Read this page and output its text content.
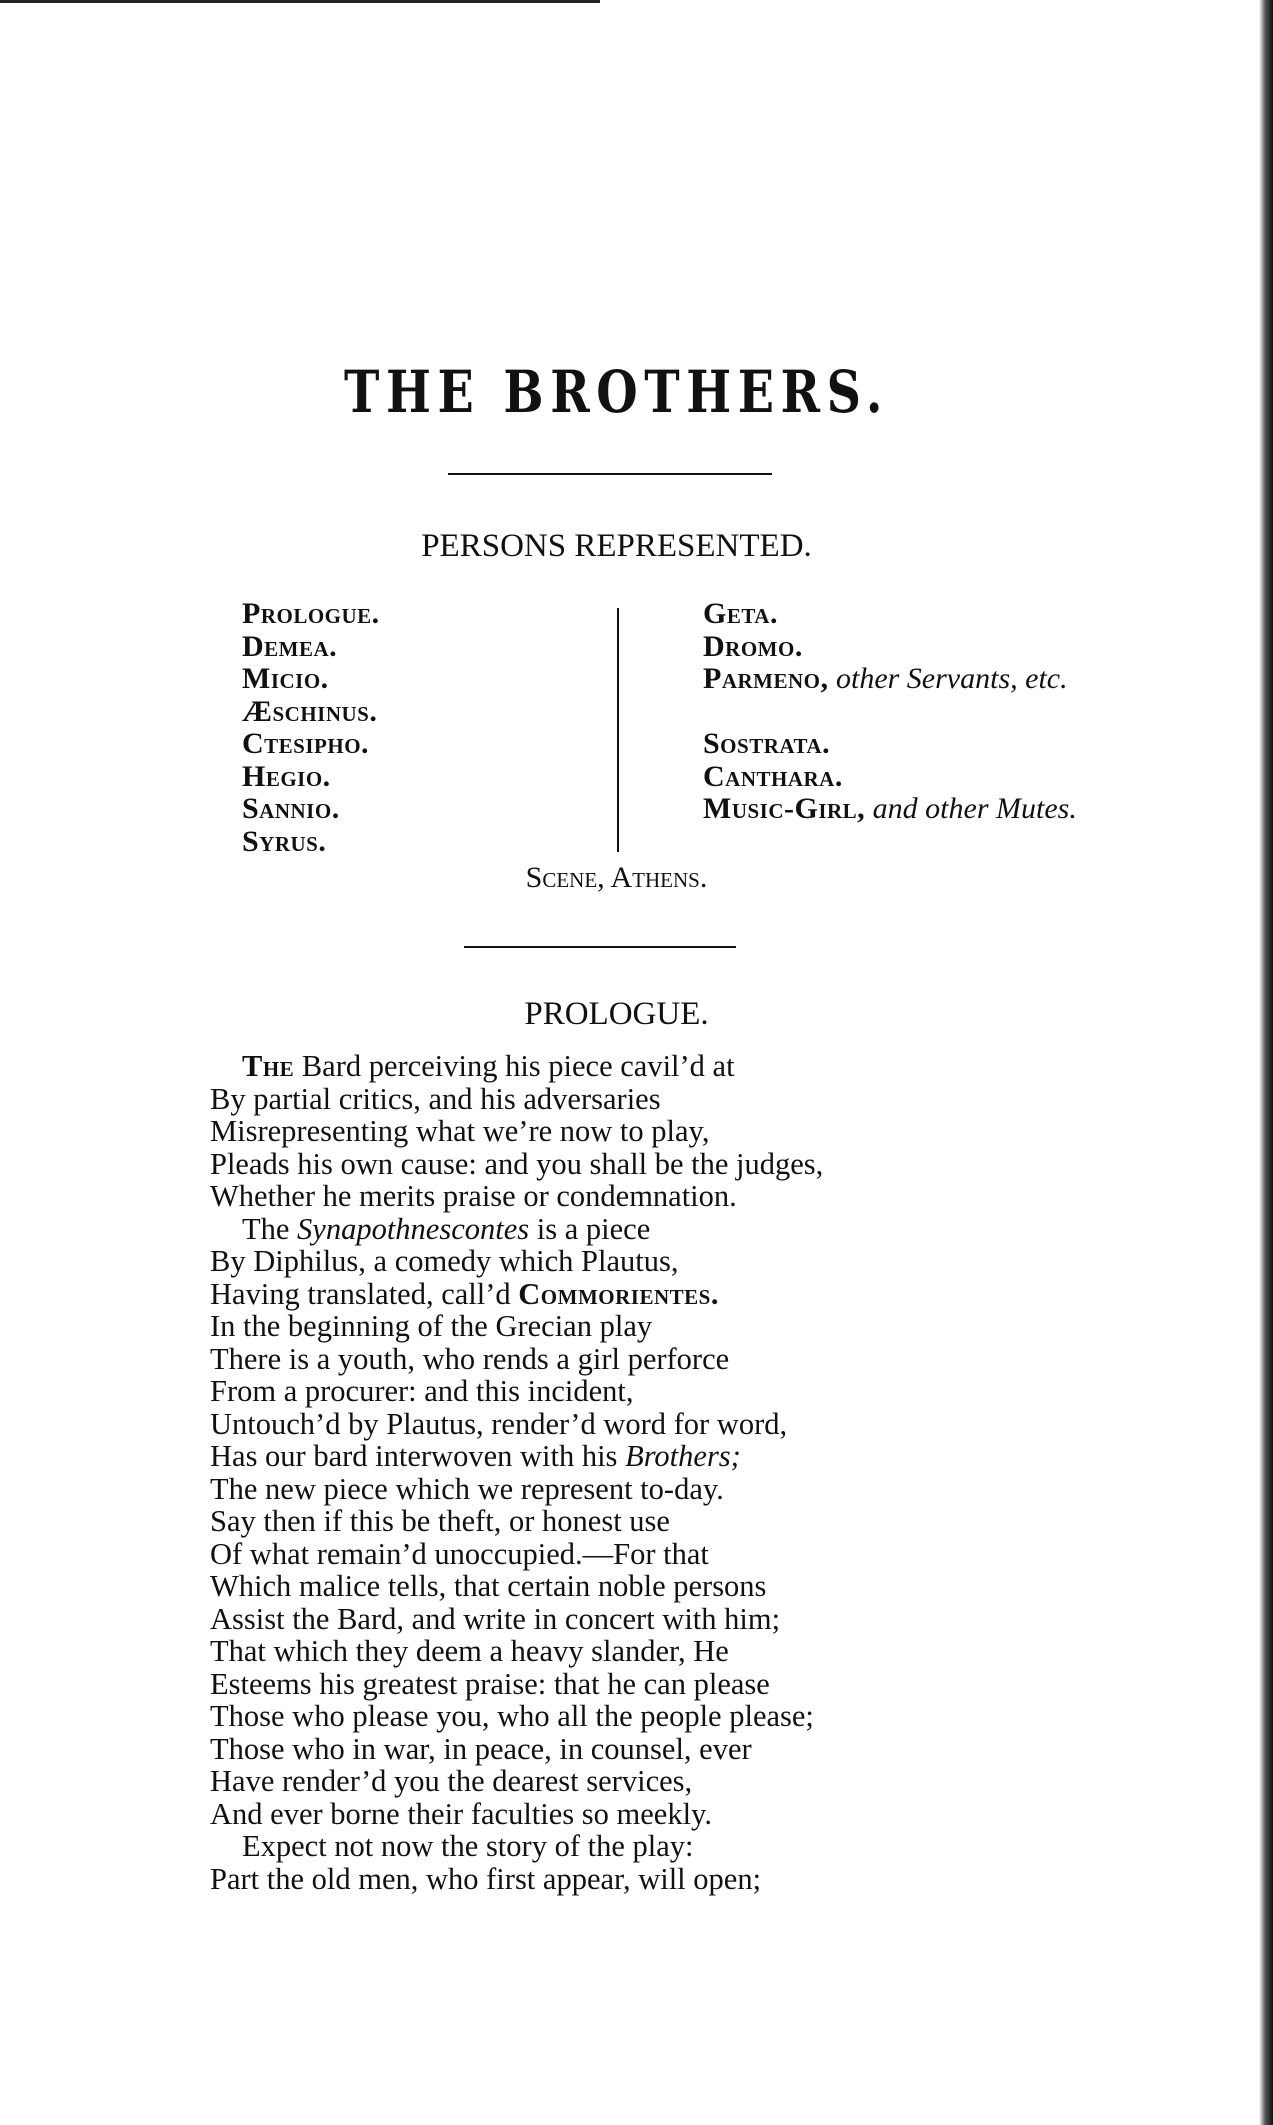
THE BROTHERS.
PERSONS REPRESENTED.
Prologue.
Demea.
Micio.
Æschinus.
Ctesipho.
Hegio.
Sannio.
Syrus.
Geta.
Dromo.
Parmeno, other Servants, etc.
Sostrata.
Canthara.
Music-Girl, and other Mutes.
Scene, Athens.
PROLOGUE.
The Bard perceiving his piece cavil’d at
By partial critics, and his adversaries
Misrepresenting what we’re now to play,
Pleads his own cause: and you shall be the judges,
Whether he merits praise or condemnation.
The Synapothnescontes is a piece
By Diphilus, a comedy which Plautus,
Having translated, call’d Commorientes.
In the beginning of the Grecian play
There is a youth, who rends a girl perforce
From a procurer: and this incident,
Untouch’d by Plautus, render’d word for word,
Has our bard interwoven with his Brothers;
The new piece which we represent to-day.
Say then if this be theft, or honest use
Of what remain’d unoccupied.—For that
Which malice tells, that certain noble persons
Assist the Bard, and write in concert with him;
That which they deem a heavy slander, He
Esteems his greatest praise: that he can please
Those who please you, who all the people please;
Those who in war, in peace, in counsel, ever
Have render’d you the dearest services,
And ever borne their faculties so meekly.
Expect not now the story of the play:
Part the old men, who first appear, will open;
